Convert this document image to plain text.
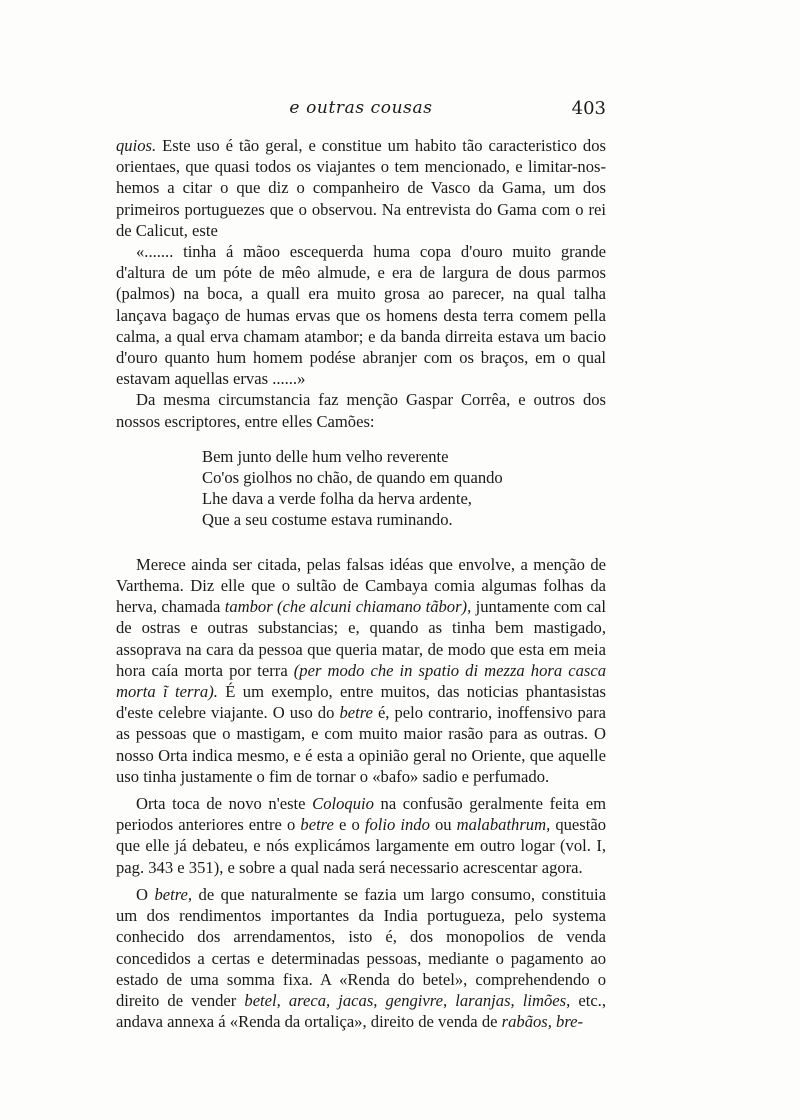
e outras cousas	403

quios. Este uso é tão geral, e constitue um habito tão caracteristico dos orientaes, que quasi todos os viajantes o tem mencionado, e limitar-nos-hemos a citar o que diz o companheiro de Vasco da Gama, um dos primeiros portuguezes que o observou. Na entrevista do Gama com o rei de Calicut, este

«....... tinha á mãoo escequerda huma copa d'ouro muito grande d'altura de um póte de mêo almude, e era de largura de dous parmos (palmos) na boca, a quall era muito grosa ao parecer, na qual talha lançava bagaço de humas ervas que os homens desta terra comem pella calma, a qual erva chamam atambor; e da banda dirreita estava um bacio d'ouro quanto hum homem podése abranjer com os braços, em o qual estavam aquellas ervas ......»

Da mesma circumstancia faz menção Gaspar Corrêa, e outros dos nossos escriptores, entre elles Camões:

Bem junto delle hum velho reverente
Co'os giolhos no chão, de quando em quando
Lhe dava a verde folha da herva ardente,
Que a seu costume estava ruminando.

Merece ainda ser citada, pelas falsas idéas que envolve, a menção de Varthema. Diz elle que o sultão de Cambaya comia algumas folhas da herva, chamada tambor (che alcuni chiamano tãbor), juntamente com cal de ostras e outras substancias; e, quando as tinha bem mastigado, assoprava na cara da pessoa que queria matar, de modo que esta em meia hora caía morta por terra (per modo che in spatio di mezza hora casca morta ĩ terra). É um exemplo, entre muitos, das noticias phantasistas d'este celebre viajante. O uso do betre é, pelo contrario, inoffensivo para as pessoas que o mastigam, e com muito maior rasão para as outras. O nosso Orta indica mesmo, e é esta a opinião geral no Oriente, que aquelle uso tinha justamente o fim de tornar o «bafo» sadio e perfumado.

Orta toca de novo n'este Coloquio na confusão geralmente feita em periodos anteriores entre o betre e o folio indo ou malabathrum, questão que elle já debateu, e nós explicámos largamente em outro logar (vol. I, pag. 343 e 351), e sobre a qual nada será necessario acrescentar agora.

O betre, de que naturalmente se fazia um largo consumo, constituia um dos rendimentos importantes da India portugueza, pelo systema conhecido dos arrendamentos, isto é, dos monopolios de venda concedidos a certas e determinadas pessoas, mediante o pagamento ao estado de uma somma fixa. A «Renda do betel», comprehendendo o direito de vender betel, areca, jacas, gengivre, laranjas, limões, etc., andava annexa á «Renda da ortaliça», direito de venda de rabãos, bre-
